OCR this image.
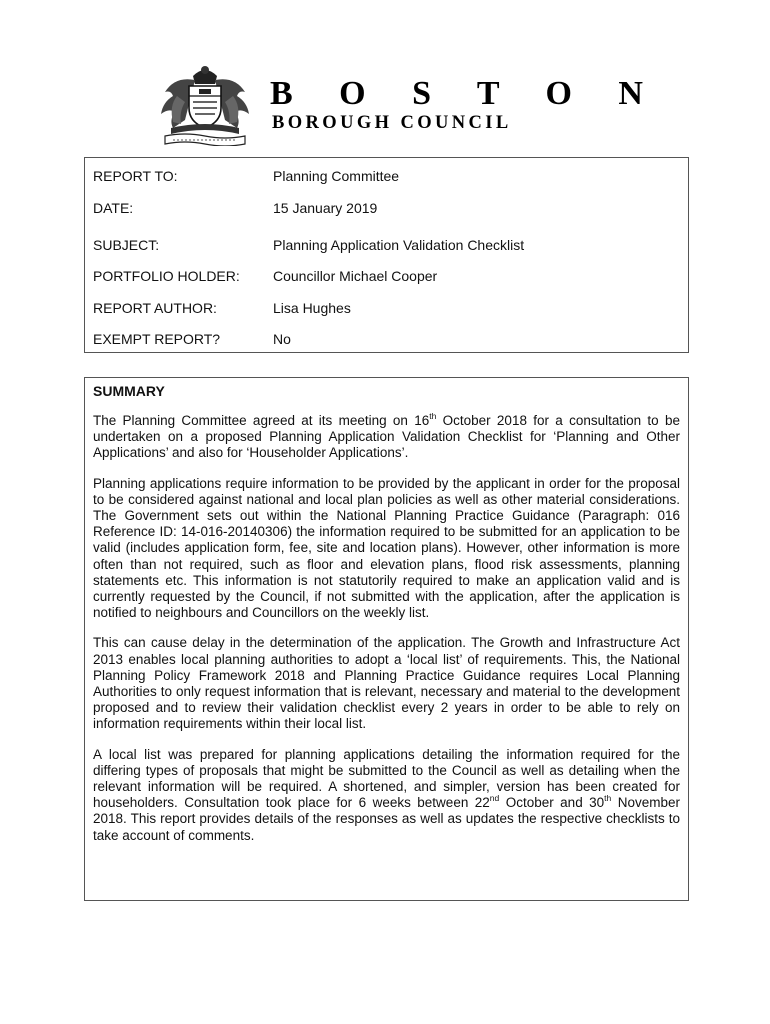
B O S T O N
BOROUGH COUNCIL
REPORT TO:	Planning Committee
DATE:	15 January 2019
SUBJECT:	Planning Application Validation Checklist
PORTFOLIO HOLDER: Councillor Michael Cooper
REPORT AUTHOR:	Lisa Hughes
EXEMPT REPORT?	No
SUMMARY

The Planning Committee agreed at its meeting on 16th October 2018 for a consultation to be undertaken on a proposed Planning Application Validation Checklist for ‘Planning and Other Applications’ and also for ‘Householder Applications’.

Planning applications require information to be provided by the applicant in order for the proposal to be considered against national and local plan policies as well as other material considerations. The Government sets out within the National Planning Practice Guidance (Paragraph: 016 Reference ID: 14-016-20140306) the information required to be submitted for an application to be valid (includes application form, fee, site and location plans). However, other information is more often than not required, such as floor and elevation plans, flood risk assessments, planning statements etc. This information is not statutorily required to make an application valid and is currently requested by the Council, if not submitted with the application, after the application is notified to neighbours and Councillors on the weekly list.

This can cause delay in the determination of the application. The Growth and Infrastructure Act 2013 enables local planning authorities to adopt a ‘local list’ of requirements. This, the National Planning Policy Framework 2018 and Planning Practice Guidance requires Local Planning Authorities to only request information that is relevant, necessary and material to the development proposed and to review their validation checklist every 2 years in order to be able to rely on information requirements within their local list.

A local list was prepared for planning applications detailing the information required for the differing types of proposals that might be submitted to the Council as well as detailing when the relevant information will be required. A shortened, and simpler, version has been created for householders. Consultation took place for 6 weeks between 22nd October and 30th November 2018. This report provides details of the responses as well as updates the respective checklists to take account of comments.
